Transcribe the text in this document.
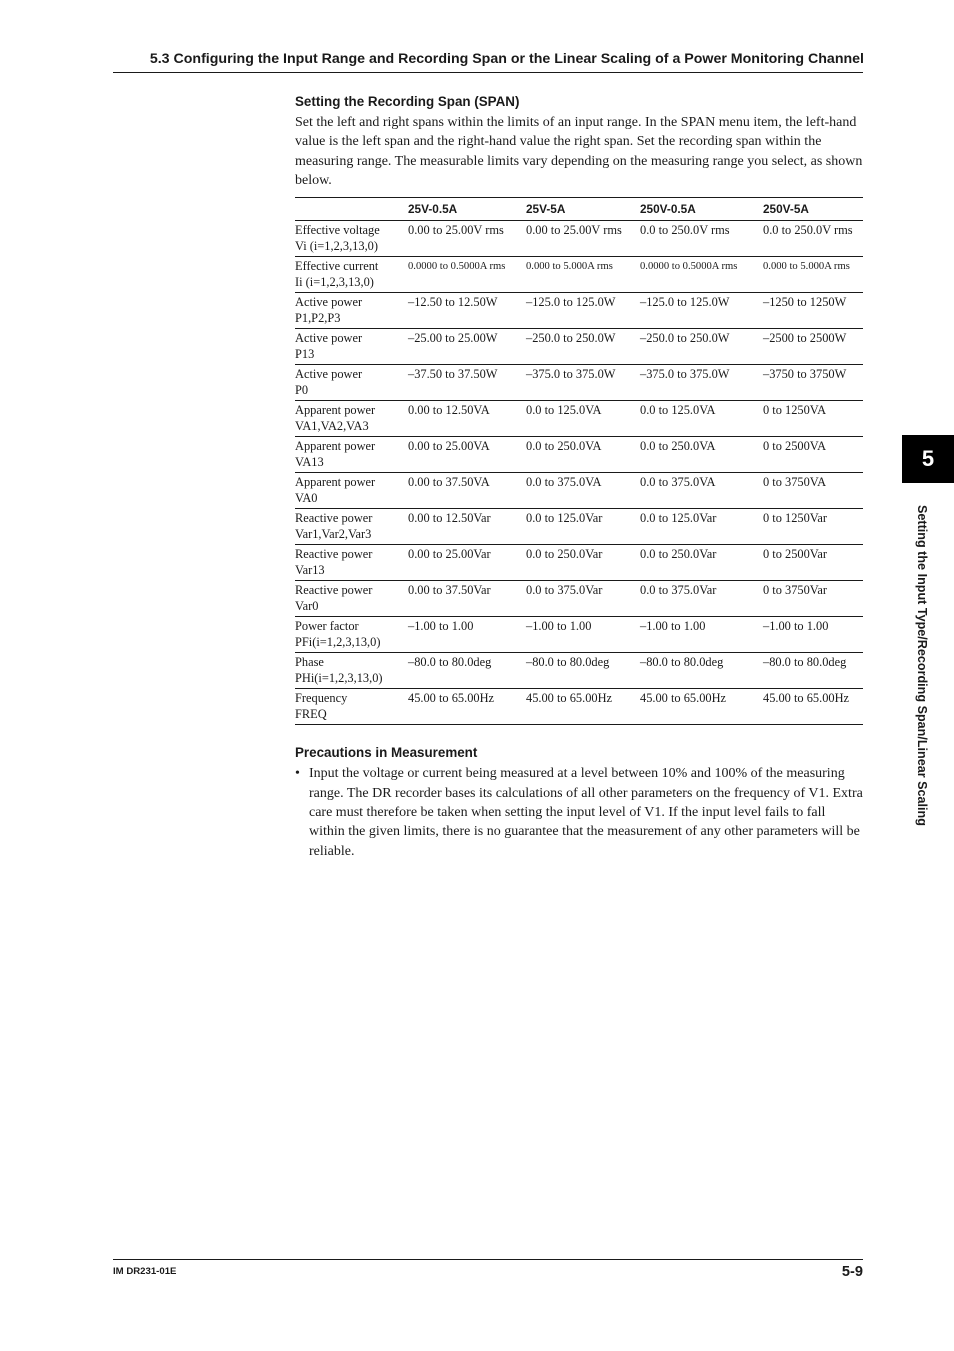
5.3 Configuring the Input Range and Recording Span or the Linear Scaling of a Power Monitoring Channel
Setting the Recording Span (SPAN)

Set the left and right spans within the limits of an input range. In the SPAN menu item, the left-hand value is the left span and the right-hand value the right span. Set the recording span within the measuring range. The measurable limits vary depending on the measuring range you select, as shown below.

	25V-0.5A	25V-5A	250V-0.5A	250V-5A

Effective voltage
Vi (i=1,2,3,13,0)	0.00 to 25.00V rms	0.00 to 25.00V rms	0.0 to 250.0V rms	0.0 to 250.0V rms

Effective current
Ii (i=1,2,3,13,0)	0.0000 to 0.5000A rms	0.000 to 5.000A rms	0.0000 to 0.5000A rms	0.000 to 5.000A rms

Active power
P1,P2,P3	–12.50 to 12.50W	–125.0 to 125.0W	–125.0 to 125.0W	–1250 to 1250W

Active power
P13	–25.00 to 25.00W	–250.0 to 250.0W	–250.0 to 250.0W	–2500 to 2500W

Active power
P0	–37.50 to 37.50W	–375.0 to 375.0W	–375.0 to 375.0W	–3750 to 3750W

Apparent power
VA1,VA2,VA3	0.00 to 12.50VA	0.0 to 125.0VA	0.0 to 125.0VA	0 to 1250VA

Apparent power
VA13	0.00 to 25.00VA	0.0 to 250.0VA	0.0 to 250.0VA	0 to 2500VA

Apparent power
VA0	0.00 to 37.50VA	0.0 to 375.0VA	0.0 to 375.0VA	0 to 3750VA

Reactive power
Var1,Var2,Var3	0.00 to 12.50Var	0.0 to 125.0Var	0.0 to 125.0Var	0 to 1250Var

Reactive power
Var13	0.00 to 25.00Var	0.0 to 250.0Var	0.0 to 250.0Var	0 to 2500Var

Reactive power
Var0	0.00 to 37.50Var	0.0 to 375.0Var	0.0 to 375.0Var	0 to 3750Var

Power factor
PFi(i=1,2,3,13,0)	–1.00 to 1.00	–1.00 to 1.00	–1.00 to 1.00	–1.00 to 1.00

Phase
PHi(i=1,2,3,13,0)	–80.0 to 80.0deg	–80.0 to 80.0deg	–80.0 to 80.0deg	–80.0 to 80.0deg

Frequency
FREQ	45.00 to 65.00Hz	45.00 to 65.00Hz	45.00 to 65.00Hz	45.00 to 65.00Hz
Precautions in Measurement
• Input the voltage or current being measured at a level between 10% and 100% of the measuring range. The DR recorder bases its calculations of all other parameters on the frequency of V1. Extra care must therefore be taken when setting the input level of V1. If the input level fails to fall within the given limits, there is no guarantee that the measurement of any other parameters will be reliable.
5
Setting the Input Type/Recording Span/Linear Scaling
IM DR231-01E	5-9
